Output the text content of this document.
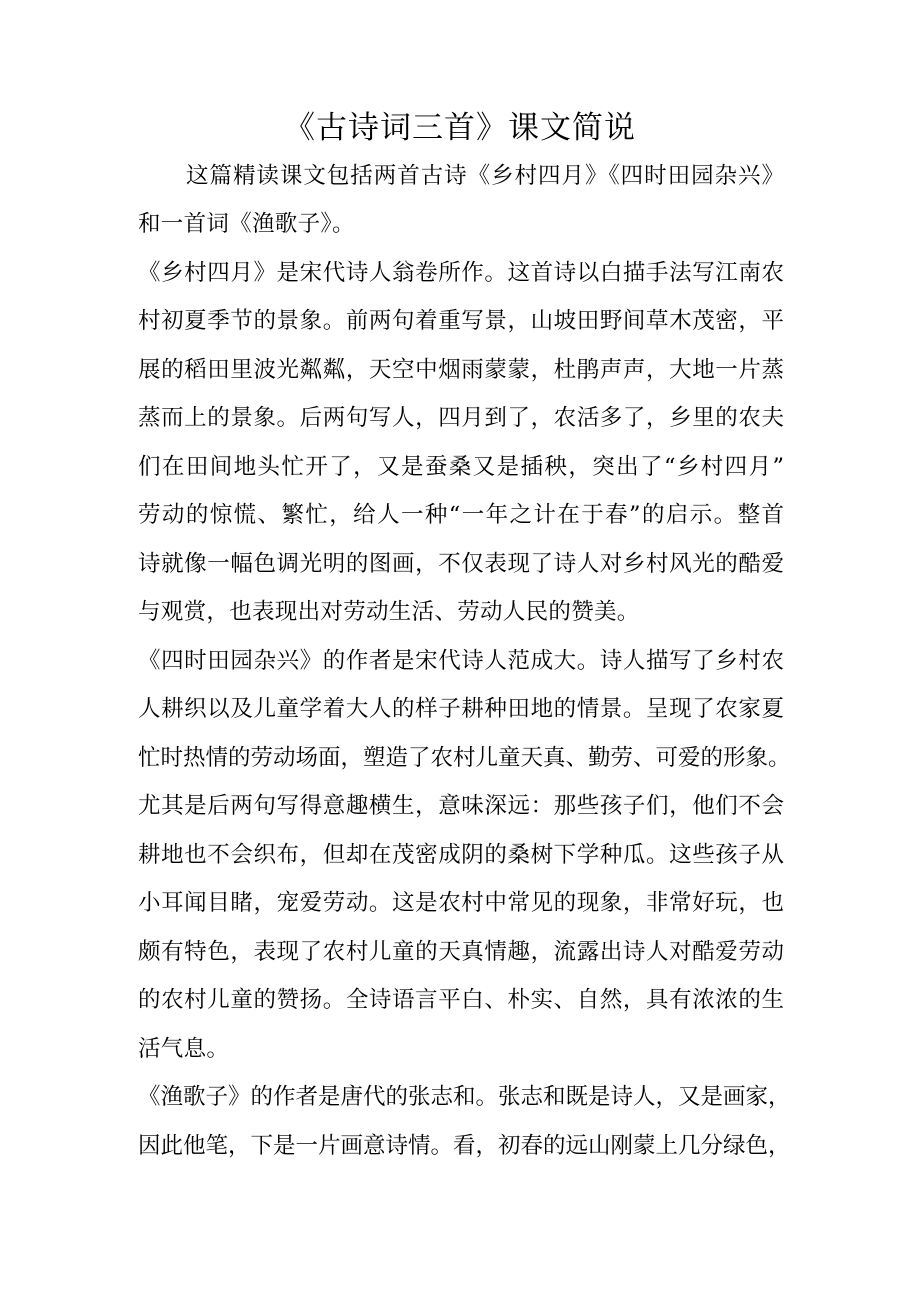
《古诗词三首》课文简说
这篇精读课文包括两首古诗《乡村四月》《四时田园杂兴》
和一首词《渔歌子》。
《乡村四月》是宋代诗人翁卷所作。这首诗以白描手法写江南农
村初夏季节的景象。前两句着重写景，山坡田野间草木茂密，平
展的稻田里波光粼粼，天空中烟雨蒙蒙，杜鹃声声，大地一片蒸
蒸而上的景象。后两句写人，四月到了，农活多了，乡里的农夫
们在田间地头忙开了，又是蚕桑又是插秧，突出了“乡村四月”
劳动的惊慌、繁忙，给人一种“一年之计在于春”的启示。整首
诗就像一幅色调光明的图画，不仅表现了诗人对乡村风光的酷爱
与观赏，也表现出对劳动生活、劳动人民的赞美。
《四时田园杂兴》的作者是宋代诗人范成大。诗人描写了乡村农
人耕织以及儿童学着大人的样子耕种田地的情景。呈现了农家夏
忙时热情的劳动场面，塑造了农村儿童天真、勤劳、可爱的形象。
尤其是后两句写得意趣横生，意味深远：那些孩子们，他们不会
耕地也不会织布，但却在茂密成阴的桑树下学种瓜。这些孩子从
小耳闻目睹，宠爱劳动。这是农村中常见的现象，非常好玩，也
颇有特色，表现了农村儿童的天真情趣，流露出诗人对酷爱劳动
的农村儿童的赞扬。全诗语言平白、朴实、自然，具有浓浓的生
活气息。
《渔歌子》的作者是唐代的张志和。张志和既是诗人，又是画家，
因此他笔，下是一片画意诗情。看，初春的远山刚蒙上几分绿色，
